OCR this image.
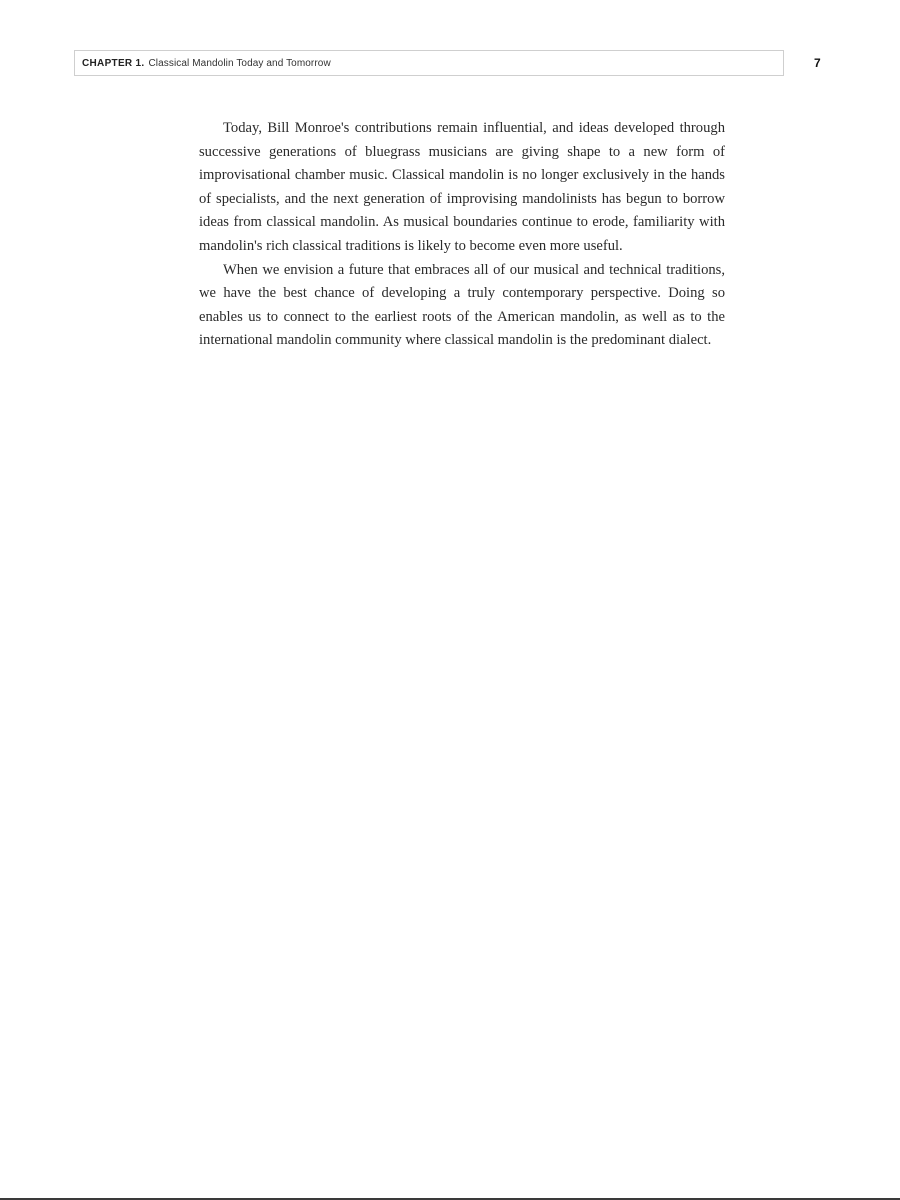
CHAPTER 1. Classical Mandolin Today and Tomorrow	7

Today, Bill Monroe's contributions remain influential, and ideas developed through successive generations of bluegrass musicians are giving shape to a new form of improvisational chamber music. Classical mandolin is no longer exclusively in the hands of specialists, and the next generation of improvising mandolinists has begun to borrow ideas from classical mandolin. As musical boundaries continue to erode, familiarity with mandolin's rich classical traditions is likely to become even more useful.

When we envision a future that embraces all of our musical and technical traditions, we have the best chance of developing a truly contemporary perspective. Doing so enables us to connect to the earliest roots of the American mandolin, as well as to the international mandolin community where classical mandolin is the predominant dialect.
